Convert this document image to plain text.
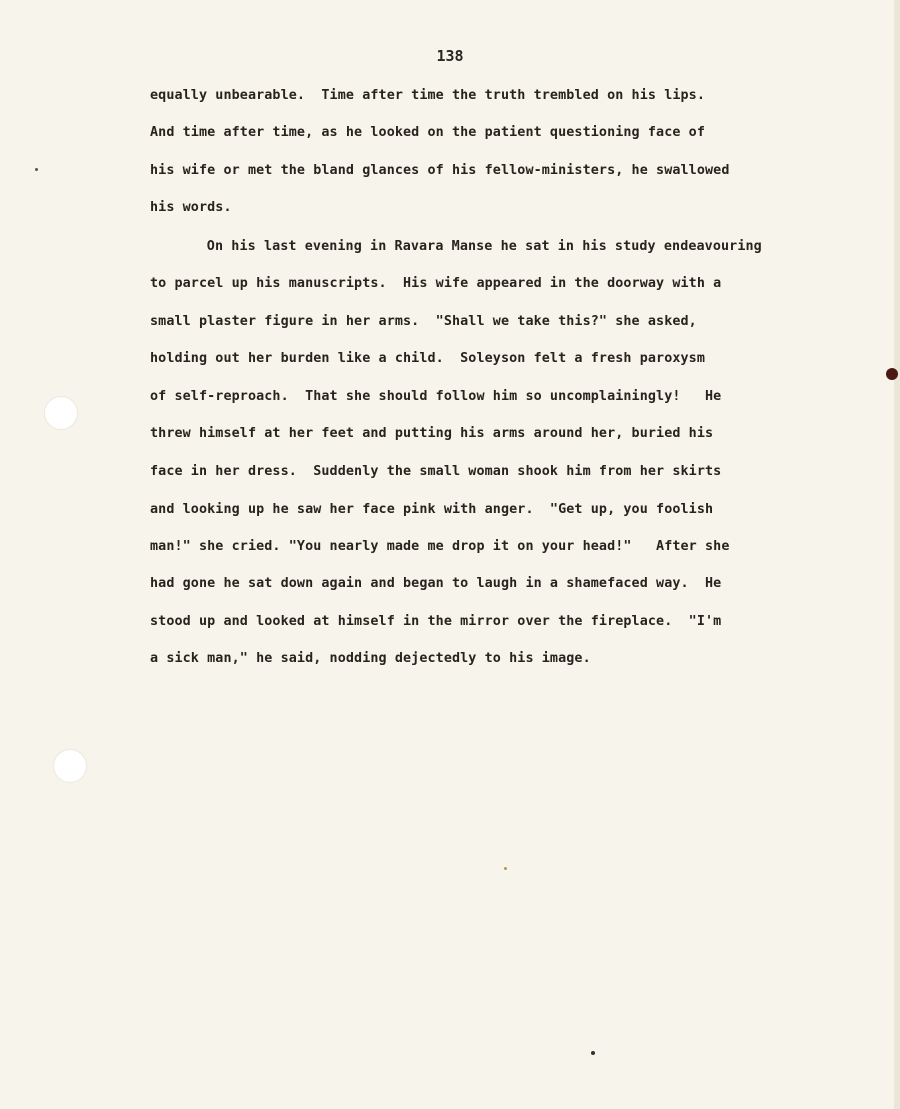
138
equally unbearable.  Time after time the truth trembled on his lips.
And time after time, as he looked on the patient questioning face of
his wife or met the bland glances of his fellow-ministers, he swallowed
his words.
On his last evening in Ravara Manse he sat in his study endeavouring
to parcel up his manuscripts.  His wife appeared in the doorway with a
small plaster figure in her arms.  "Shall we take this?" she asked,
holding out her burden like a child.  Soleyson felt a fresh paroxysm
of self-reproach.  That she should follow him so uncomplainingly!   He
threw himself at her feet and putting his arms around her, buried his
face in her dress.  Suddenly the small woman shook him from her skirts
and looking up he saw her face pink with anger.  "Get up, you foolish
man!" she cried. "You nearly made me drop it on your head!"   After she
had gone he sat down again and began to laugh in a shamefaced way.  He
stood up and looked at himself in the mirror over the fireplace.  "I'm
a sick man," he said, nodding dejectedly to his image.
